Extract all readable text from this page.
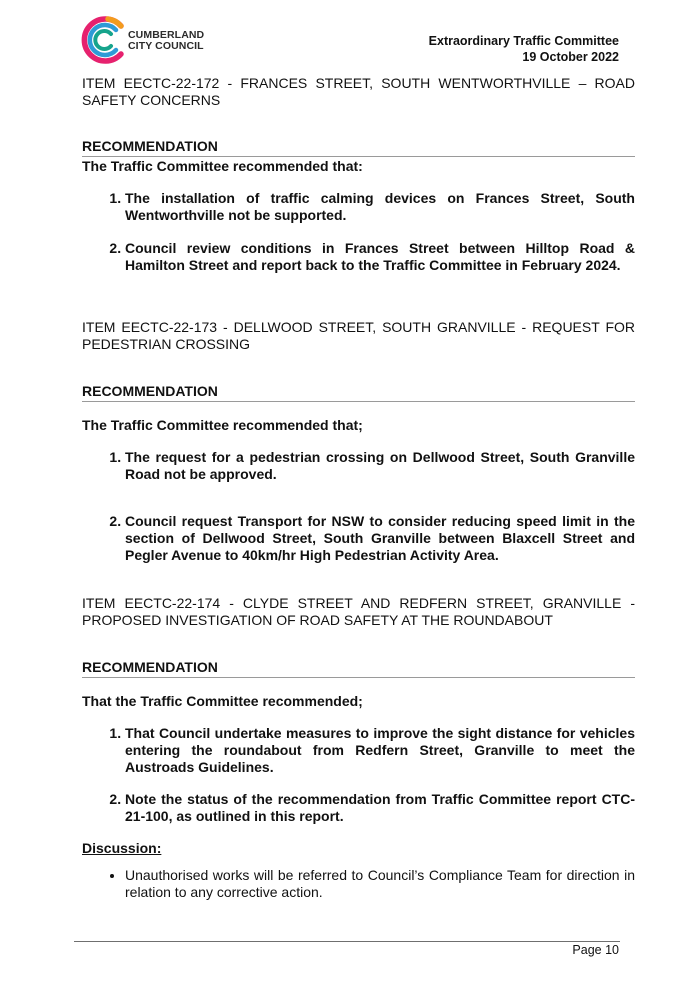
CUMBERLAND
CITY COUNCIL	Extraordinary Traffic Committee
19 October 2022

ITEM EECTC-22-172 - FRANCES STREET, SOUTH WENTWORTHVILLE – ROAD SAFETY CONCERNS

RECOMMENDATION

The Traffic Committee recommended that:

1. The installation of traffic calming devices on Frances Street, South Wentworthville not be supported.
2. Council review conditions in Frances Street between Hilltop Road & Hamilton Street and report back to the Traffic Committee in February 2024.

ITEM EECTC-22-173 - DELLWOOD STREET, SOUTH GRANVILLE - REQUEST FOR PEDESTRIAN CROSSING

RECOMMENDATION

The Traffic Committee recommended that;

1. The request for a pedestrian crossing on Dellwood Street, South Granville Road not be approved.
2. Council request Transport for NSW to consider reducing speed limit in the section of Dellwood Street, South Granville between Blaxcell Street and Pegler Avenue to 40km/hr High Pedestrian Activity Area.

ITEM EECTC-22-174 - CLYDE STREET AND REDFERN STREET, GRANVILLE - PROPOSED INVESTIGATION OF ROAD SAFETY AT THE ROUNDABOUT

RECOMMENDATION

That the Traffic Committee recommended;

1. That Council undertake measures to improve the sight distance for vehicles entering the roundabout from Redfern Street, Granville to meet the Austroads Guidelines.
2. Note the status of the recommendation from Traffic Committee report CTC-21-100, as outlined in this report.

Discussion:

• Unauthorised works will be referred to Council’s Compliance Team for direction in relation to any corrective action.
Page 10
